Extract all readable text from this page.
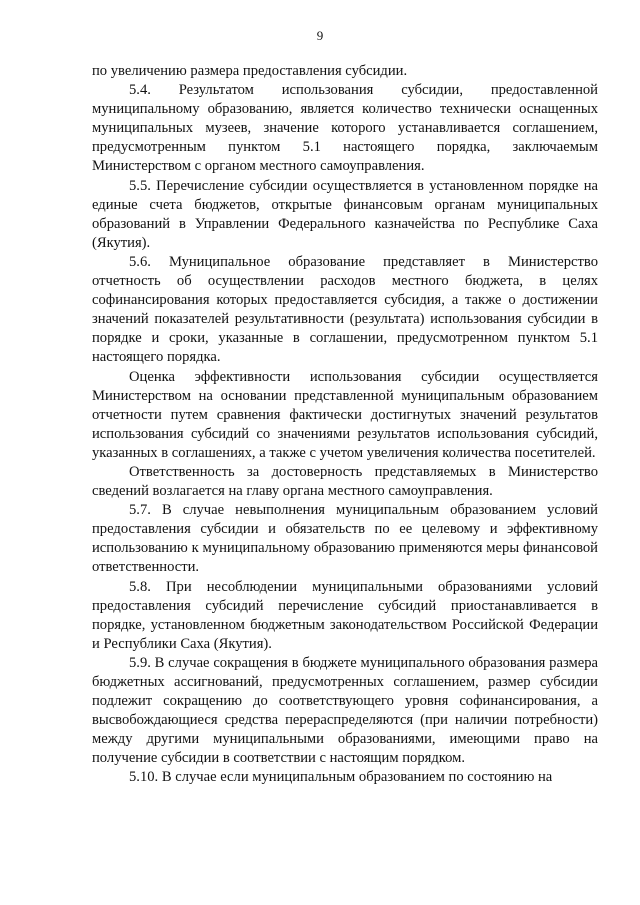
9

по увеличению размера предоставления субсидии.

5.4. Результатом использования субсидии, предоставленной муниципальному образованию, является количество технически оснащенных муниципальных музеев, значение которого устанавливается соглашением, предусмотренным пунктом 5.1 настоящего порядка, заключаемым Министерством с органом местного самоуправления.

5.5. Перечисление субсидии осуществляется в установленном порядке на единые счета бюджетов, открытые финансовым органам муниципальных образований в Управлении Федерального казначейства по Республике Саха (Якутия).

5.6. Муниципальное образование представляет в Министерство отчетность об осуществлении расходов местного бюджета, в целях софинансирования которых предоставляется субсидия, а также о достижении значений показателей результативности (результата) использования субсидии в порядке и сроки, указанные в соглашении, предусмотренном пунктом 5.1 настоящего порядка.

Оценка эффективности использования субсидии осуществляется Министерством на основании представленной муниципальным образованием отчетности путем сравнения фактически достигнутых значений результатов использования субсидий со значениями результатов использования субсидий, указанных в соглашениях, а также с учетом увеличения количества посетителей.

Ответственность за достоверность представляемых в Министерство сведений возлагается на главу органа местного самоуправления.

5.7. В случае невыполнения муниципальным образованием условий предоставления субсидии и обязательств по ее целевому и эффективному использованию к муниципальному образованию применяются меры финансовой ответственности.

5.8. При несоблюдении муниципальными образованиями условий предоставления субсидий перечисление субсидий приостанавливается в порядке, установленном бюджетным законодательством Российской Федерации и Республики Саха (Якутия).

5.9. В случае сокращения в бюджете муниципального образования размера бюджетных ассигнований, предусмотренных соглашением, размер субсидии подлежит сокращению до соответствующего уровня софинансирования, а высвобождающиеся средства перераспределяются (при наличии потребности) между другими муниципальными образованиями, имеющими право на получение субсидии в соответствии с настоящим порядком.

5.10. В случае если муниципальным образованием по состоянию на
